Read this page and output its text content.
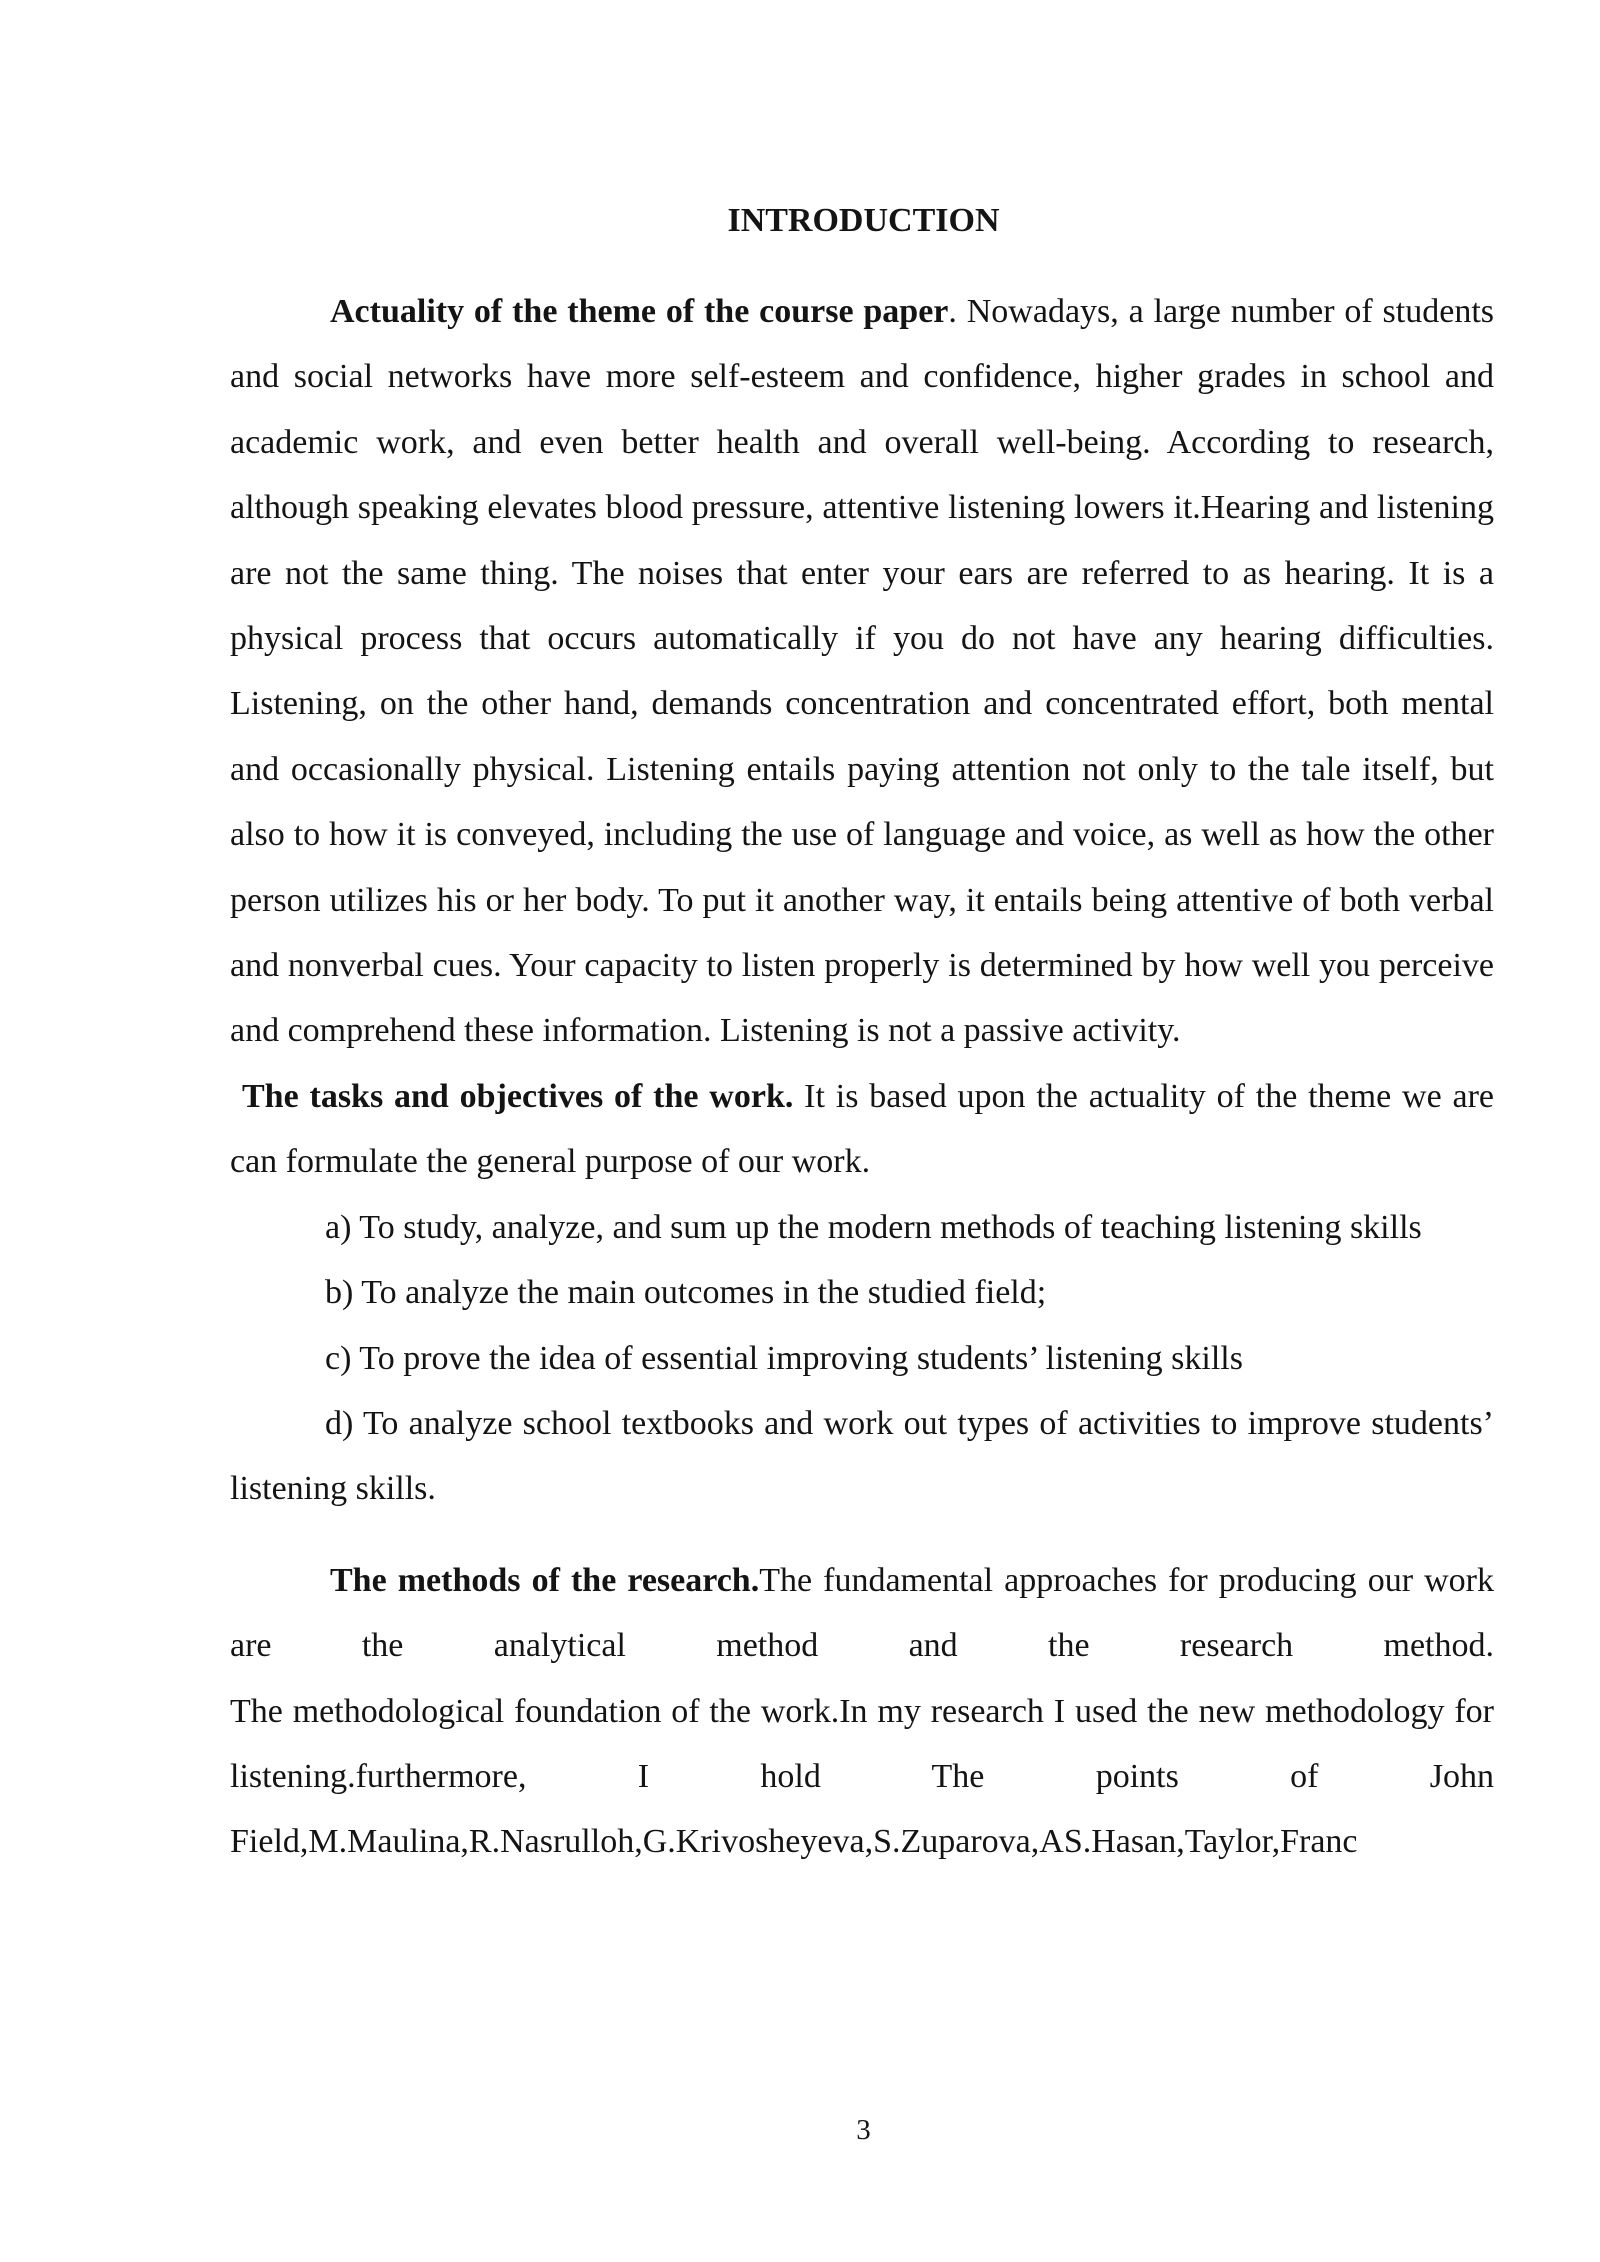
INTRODUCTION

Actuality of the theme of the course paper. Nowadays, a large number of students and social networks have more self-esteem and confidence, higher grades in school and academic work, and even better health and overall well-being. According to research, although speaking elevates blood pressure, attentive listening lowers it.Hearing and listening are not the same thing. The noises that enter your ears are referred to as hearing. It is a physical process that occurs automatically if you do not have any hearing difficulties. Listening, on the other hand, demands concentration and concentrated effort, both mental and occasionally physical. Listening entails paying attention not only to the tale itself, but also to how it is conveyed, including the use of language and voice, as well as how the other person utilizes his or her body. To put it another way, it entails being attentive of both verbal and nonverbal cues. Your capacity to listen properly is determined by how well you perceive and comprehend these information. Listening is not a passive activity.

The tasks and objectives of the work. It is based upon the actuality of the theme we are can formulate the general purpose of our work.

a) To study, analyze, and sum up the modern methods of teaching listening skills

b) To analyze the main outcomes in the studied field;

c) To prove the idea of essential improving students’ listening skills

d) To analyze school textbooks and work out types of activities to improve students’ listening skills.

The methods of the research.The fundamental approaches for producing our work are the analytical method and the research method.

The methodological foundation of the work.In my research I used the new methodology for listening.furthermore, I hold The points of John

Field,M.Maulina,R.Nasrulloh,G.Krivosheyeva,S.Zuparova,AS.Hasan,Taylor,Franc

3
